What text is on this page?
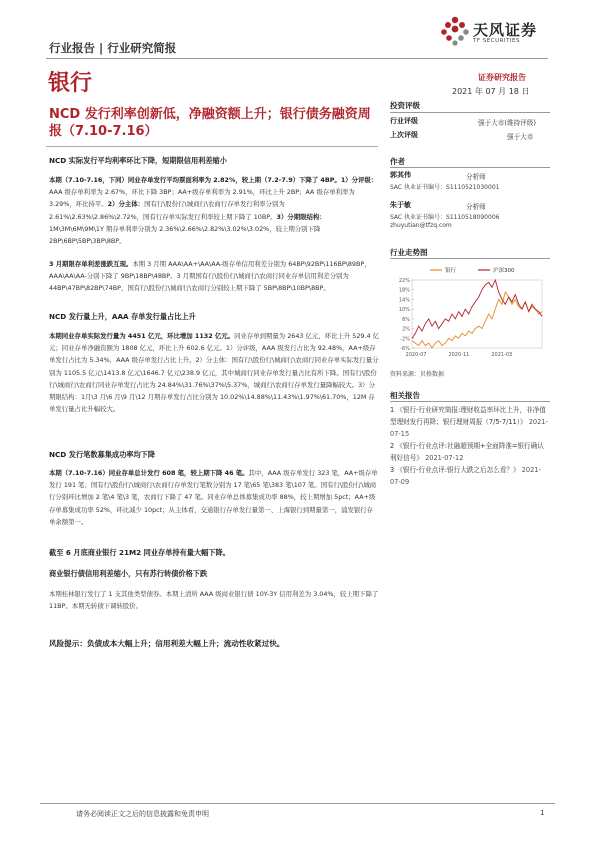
行业报告 | 行业研究简报
天风证券
TF SECURITIES
银行	证券研究报告
2021 年 07 月 18 日
NCD 发行利率创新低，净融资额上升；银行债务融资周报（7.10-7.16）
NCD 实际发行平均利率环比下降，短期限信用利差缩小
本期（7.10-7.16，下同）同业存单发行平均票面利率为 2.82%，较上期（7.2-7.9）下降了 4BP。1）分评级：AAA 级存单利率为 2.67%，环比下降 3BP；AA+级存单利率为 2.91%，环比上升 2BP；AA 级存单利率为 3.29%，环比持平。2）分主体：国有行\股份行\城商行\农商行存单发行利率分别为 2.61%\2.63%\2.86%\2.72%，国有行存单实际发行利率较上期下降了 10BP。3）分期限结构：1M\3M\6M\9M\1Y 期存单利率分别为 2.36%\2.66%\2.82%\3.02%\3.02%，较上期分别下降 2BP\6BP\5BP\3BP\8BP。
3 月期限存单利差涨跌互现。本期 3 月期 AAA\AA+\AA\AA-级存单信用利差分别为 64BP\92BP\116BP\89BP，AAA\AA\AA-分别下降了 9BP\18BP\48BP。3 月期国有行\股份行\城商行\农商行同业存单信用利差分别为 44BP\47BP\82BP\74BP，国有行\股份行\城商行\农商行分别较上期下降了 5BP\8BP\10BP\8BP。
NCD 发行量上升，AAA 存单发行量占比上升
本期同业存单实际发行量为 4451 亿元，环比增加 1132 亿元。同业存单到期量为 2643 亿元，环比上升 529.4 亿元；同业存单净融资额为 1808 亿元，环比上升 602.6 亿元。1）分评级，AAA 级发行占比为 92.48%，AA+级存单发行占比为 5.34%，AAA 级存单发行占比上升。2）分主体：国有行\股份行\城商行\农商行同业存单实际发行量分别为 1105.5 亿元\1413.8 亿元\1646.7 亿元\238.9 亿元，其中城商行同业存单发行量占比有所下降。国有行\股份行\城商行\农商行同业存单发行占比为 24.84%\31.76%\37%\5.37%，城商行\农商行存单发行量降幅较大。3）分期限结构：1月\3 月\6 月\9 月\12 月期存单发行占比分别为 10.02%\14.88%\11.43%\1.97%\61.70%，12M 存单发行量占比升幅较大。
NCD 发行笔数募集成功率均下降
本期（7.10-7.16）同业存单总计发行 608 笔，较上期下降 46 笔。其中，AAA 级存单发行 323 笔，AA+级存单发行 191 笔；国有行\股份行\城商行\农商行存单发行笔数分别为 17 笔\65 笔\383 笔\107 笔。国有行\股份行\城商行分别环比增加 2 笔\4 笔\3 笔，农商行下降了 47 笔。同业存单总体募集成功率 88%，较上期增加 5pct；AA+级存单募集成功率 52%，环比减少 10pct；从主体看，交通银行存单发行量第一、上海银行到期量第一，浦发银行存单余额第一。
截至 6 月底商业银行 21M2 同业存单持有量大幅下降。
商业银行债信用利差缩小，只有苏行转债价格下跌
本期桂林银行发行了 1 支其他类型债券。本期上清所 AAA 级商业银行债 10Y-3Y 信用利差为 3.04%，较上期下降了 11BP。本期无转债下调转股价。
风险提示：负债成本大幅上升；信用利差大幅上升；流动性收紧过快。
投资评级
行业评级	强于大市(维持评级)
上次评级	强于大市
作者
郭其伟	分析师
SAC 执业证书编号：S1110521030001
朱于敏	分析师
SAC 执业证书编号：S1110518090006
zhuyutian@tfzq.com
行业走势图
22%
18%
14%
10%
6%
2%
-2%
-6%
2020-07	2020-11	2021-03
银行	沪深300
资料来源：贝格数据
相关报告
1 《银行-行业研究简报:理财收益率环比上升，非净值型理财发行再降；银行理财周报（7/5-7/11）》 2021-07-15
2 《银行-行业点评:社融超预期+全面降准=银行确认利好信号》 2021-07-12
3 《银行-行业点评:银行大跌之后怎么看？》 2021-07-09
请务必阅读正文之后的信息披露和免责申明	1
